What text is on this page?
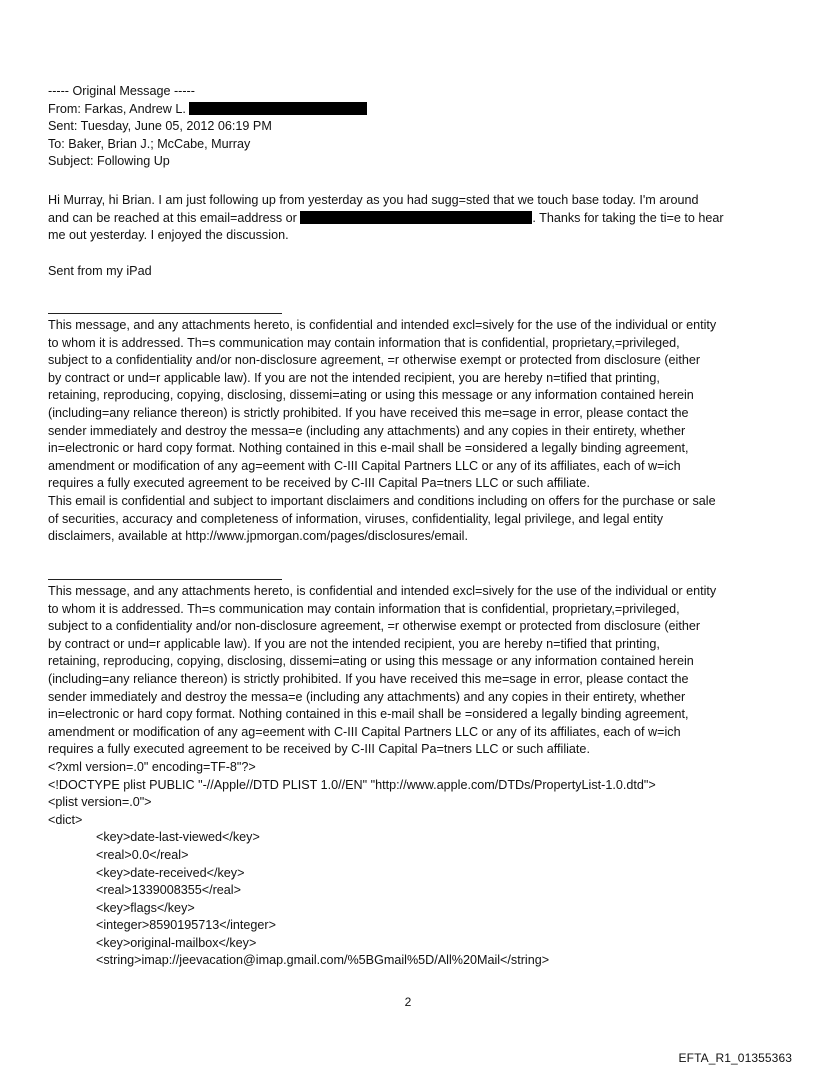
----- Original Message -----
From: Farkas, Andrew L.
Sent: Tuesday, June 05, 2012 06:19 PM
To: Baker, Brian J.; McCabe, Murray
Subject: Following Up
Hi Murray, hi Brian. I am just following up from yesterday as you had sugg=sted that we touch base today. I'm around
and can be reached at this email=address or	. Thanks for taking the ti=e to hear
me out yesterday. I enjoyed the discussion.
Sent from my iPad
This message, and any attachments hereto, is confidential and intended excl=sively for the use of the individual or entity
to whom it is addressed. Th=s communication may contain information that is confidential, proprietary,=privileged,
subject to a confidentiality and/or non-disclosure agreement, =r otherwise exempt or protected from disclosure (either
by contract or und=r applicable law). If you are not the intended recipient, you are hereby n=tified that printing,
retaining, reproducing, copying, disclosing, dissemi=ating or using this message or any information contained herein
(including=any reliance thereon) is strictly prohibited. If you have received this me=sage in error, please contact the
sender immediately and destroy the messa=e (including any attachments) and any copies in their entirety, whether
in=electronic or hard copy format. Nothing contained in this e-mail shall be =onsidered a legally binding agreement,
amendment or modification of any ag=eement with C-III Capital Partners LLC or any of its affiliates, each of w=ich
requires a fully executed agreement to be received by C-III Capital Pa=tners LLC or such affiliate.
This email is confidential and subject to important disclaimers and conditions including on offers for the purchase or sale
of securities, accuracy and completeness of information, viruses, confidentiality, legal privilege, and legal entity
disclaimers, available at http://www.jpmorgan.com/pages/disclosures/email.
This message, and any attachments hereto, is confidential and intended excl=sively for the use of the individual or entity
to whom it is addressed. Th=s communication may contain information that is confidential, proprietary,=privileged,
subject to a confidentiality and/or non-disclosure agreement, =r otherwise exempt or protected from disclosure (either
by contract or und=r applicable law). If you are not the intended recipient, you are hereby n=tified that printing,
retaining, reproducing, copying, disclosing, dissemi=ating or using this message or any information contained herein
(including=any reliance thereon) is strictly prohibited. If you have received this me=sage in error, please contact the
sender immediately and destroy the messa=e (including any attachments) and any copies in their entirety, whether
in=electronic or hard copy format. Nothing contained in this e-mail shall be =onsidered a legally binding agreement,
amendment or modification of any ag=eement with C-III Capital Partners LLC or any of its affiliates, each of w=ich
requires a fully executed agreement to be received by C-III Capital Pa=tners LLC or such affiliate.
<?xml version=.0" encoding=TF-8"?>
<!DOCTYPE plist PUBLIC "-//Apple//DTD PLIST 1.0//EN" "http://www.apple.com/DTDs/PropertyList-1.0.dtd">
<plist version=.0">
<dict>
<key>date-last-viewed</key>
<real>0.0</real>
<key>date-received</key>
<real>1339008355</real>
<key>flags</key>
<integer>8590195713</integer>
<key>original-mailbox</key>
<string>imap://jeevacation@imap.gmail.com/%5BGmail%5D/All%20Mail</string>
2
EFTA_R1_01355363
